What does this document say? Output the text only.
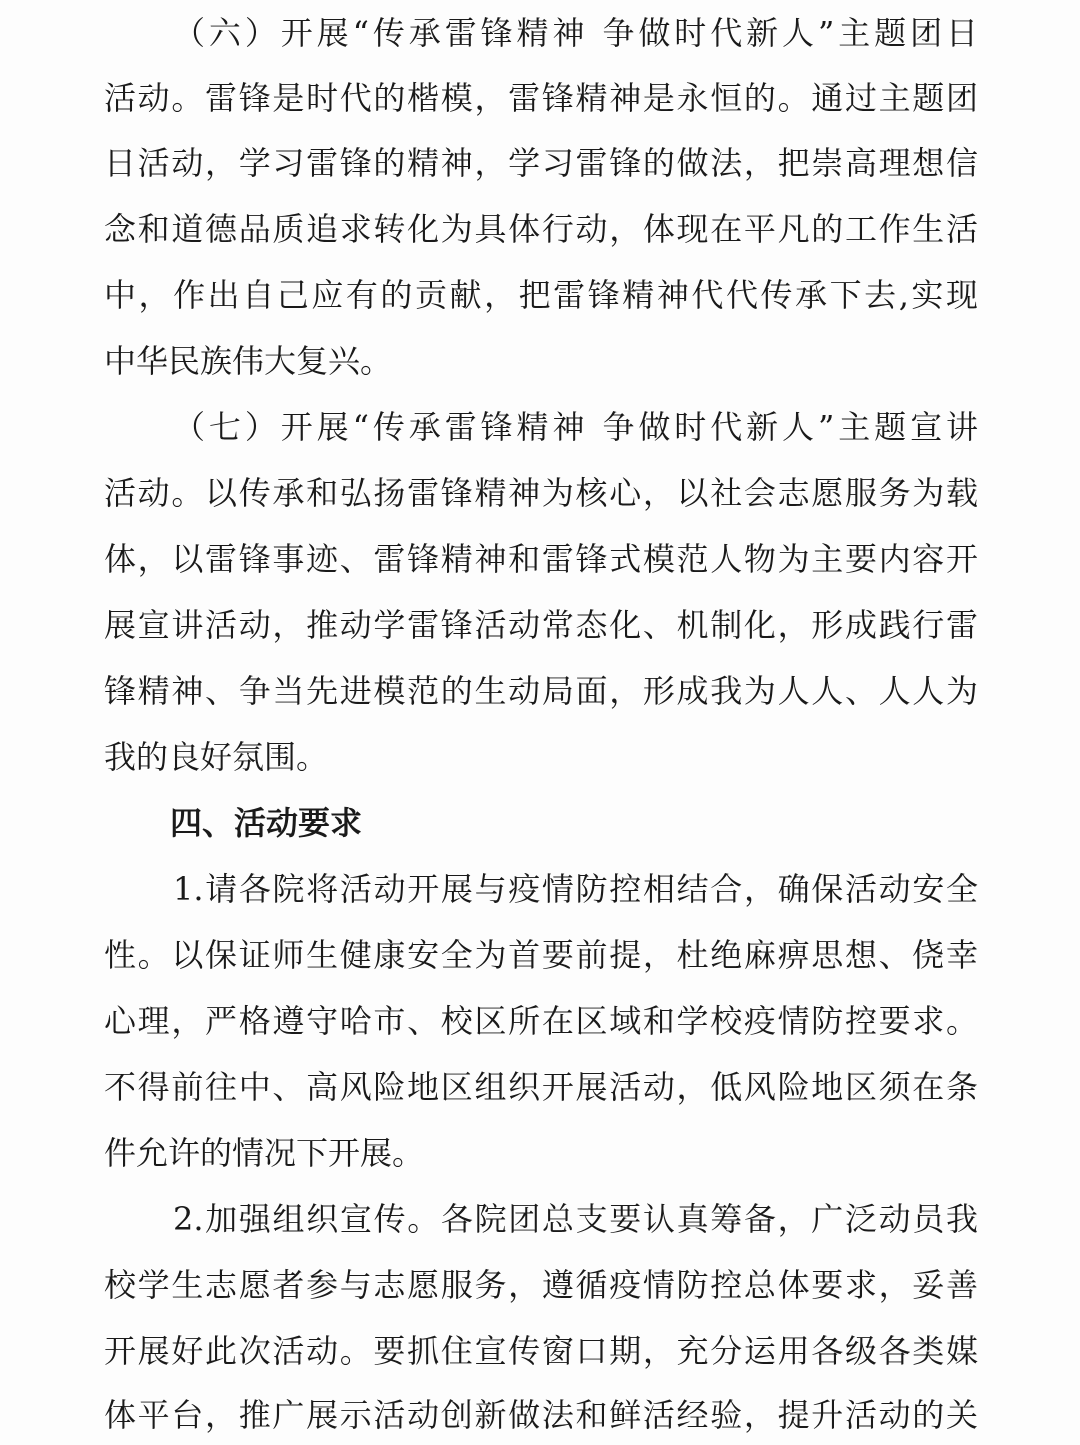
（六）开展“传承雷锋精神 争做时代新人”主题团日
活动。雷锋是时代的楷模，雷锋精神是永恒的。通过主题团
日活动，学习雷锋的精神，学习雷锋的做法，把崇高理想信
念和道德品质追求转化为具体行动，体现在平凡的工作生活
中，作出自己应有的贡献，把雷锋精神代代传承下去,实现
中华民族伟大复兴。
（七）开展“传承雷锋精神 争做时代新人”主题宣讲
活动。以传承和弘扬雷锋精神为核心，以社会志愿服务为载
体，以雷锋事迹、雷锋精神和雷锋式模范人物为主要内容开
展宣讲活动，推动学雷锋活动常态化、机制化，形成践行雷
锋精神、争当先进模范的生动局面，形成我为人人、人人为
我的良好氛围。
四、活动要求
1.请各院将活动开展与疫情防控相结合，确保活动安全
性。以保证师生健康安全为首要前提，杜绝麻痹思想、侥幸
心理，严格遵守哈市、校区所在区域和学校疫情防控要求。
不得前往中、高风险地区组织开展活动，低风险地区须在条
件允许的情况下开展。
2.加强组织宣传。各院团总支要认真筹备，广泛动员我
校学生志愿者参与志愿服务，遵循疫情防控总体要求，妥善
开展好此次活动。要抓住宣传窗口期，充分运用各级各类媒
体平台，推广展示活动创新做法和鲜活经验，提升活动的关
